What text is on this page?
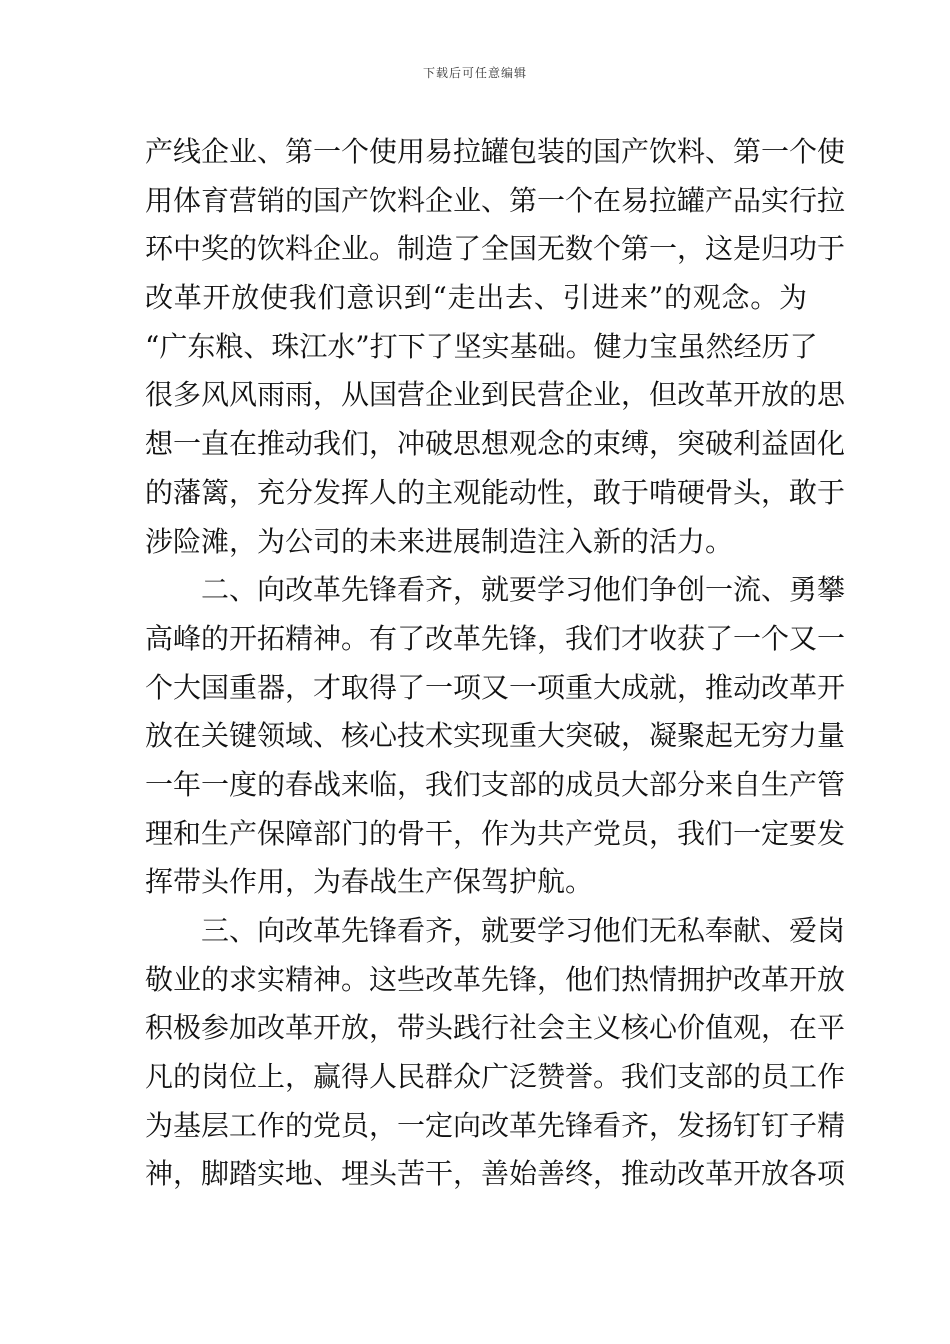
下载后可任意编辑
产线企业、第一个使用易拉罐包装的国产饮料、第一个使
用体育营销的国产饮料企业、第一个在易拉罐产品实行拉
环中奖的饮料企业。制造了全国无数个第一，这是归功于
改革开放使我们意识到“走出去、引进来”的观念。为
“广东粮、珠江水”打下了坚实基础。健力宝虽然经历了
很多风风雨雨，从国营企业到民营企业，但改革开放的思
想一直在推动我们，冲破思想观念的束缚，突破利益固化
的藩篱，充分发挥人的主观能动性，敢于啃硬骨头，敢于
涉险滩，为公司的未来进展制造注入新的活力。
二、向改革先锋看齐，就要学习他们争创一流、勇攀
高峰的开拓精神。有了改革先锋，我们才收获了一个又一
个大国重器，才取得了一项又一项重大成就，推动改革开
放在关键领域、核心技术实现重大突破，凝聚起无穷力量
一年一度的春战来临，我们支部的成员大部分来自生产管
理和生产保障部门的骨干，作为共产党员，我们一定要发
挥带头作用，为春战生产保驾护航。
三、向改革先锋看齐，就要学习他们无私奉献、爱岗
敬业的求实精神。这些改革先锋，他们热情拥护改革开放
积极参加改革开放，带头践行社会主义核心价值观，在平
凡的岗位上，赢得人民群众广泛赞誉。我们支部的员工作
为基层工作的党员，一定向改革先锋看齐，发扬钉钉子精
神，脚踏实地、埋头苦干，善始善终，推动改革开放各项
